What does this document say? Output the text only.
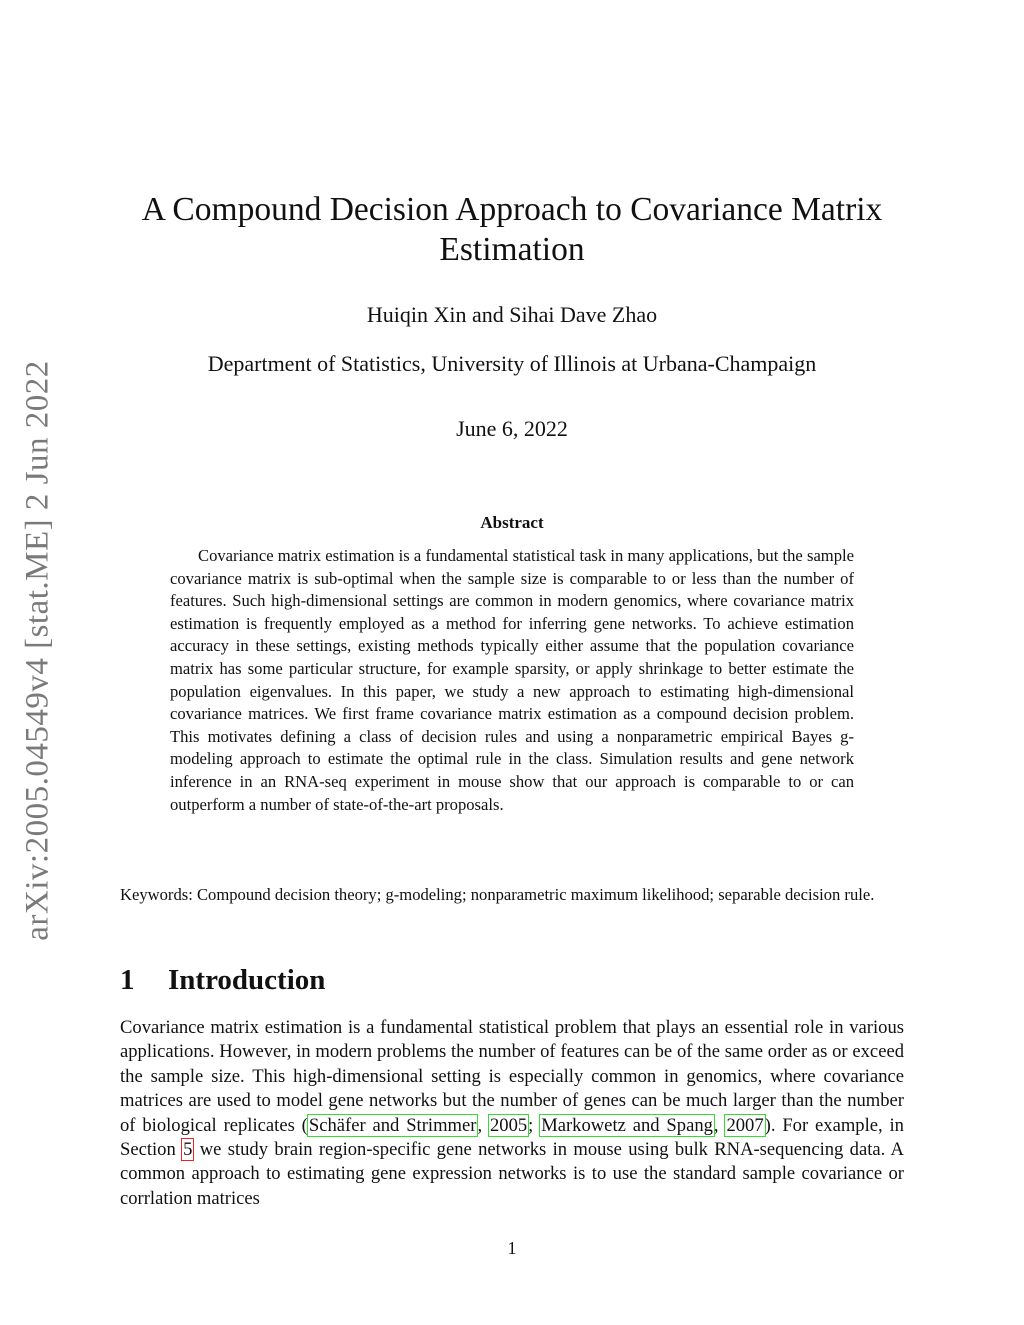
arXiv:2005.04549v4 [stat.ME] 2 Jun 2022
A Compound Decision Approach to Covariance Matrix Estimation

Huiqin Xin and Sihai Dave Zhao

Department of Statistics, University of Illinois at Urbana-Champaign

June 6, 2022

Abstract

Covariance matrix estimation is a fundamental statistical task in many applications, but the sample covariance matrix is sub-optimal when the sample size is comparable to or less than the number of features. Such high-dimensional settings are common in modern genomics, where covariance matrix estimation is frequently employed as a method for inferring gene networks. To achieve estimation accuracy in these settings, existing methods typically either assume that the population covariance matrix has some particular structure, for example sparsity, or apply shrinkage to better estimate the population eigenvalues. In this paper, we study a new approach to estimating high-dimensional covariance matrices. We first frame covariance matrix estimation as a compound decision problem. This motivates defining a class of decision rules and using a nonparametric empirical Bayes g-modeling approach to estimate the optimal rule in the class. Simulation results and gene network inference in an RNA-seq experiment in mouse show that our approach is comparable to or can outperform a number of state-of-the-art proposals.

Keywords: Compound decision theory; g-modeling; nonparametric maximum likelihood; separable decision rule.

1 Introduction

Covariance matrix estimation is a fundamental statistical problem that plays an essential role in various applications. However, in modern problems the number of features can be of the same order as or exceed the sample size. This high-dimensional setting is especially common in genomics, where covariance matrices are used to model gene networks but the number of genes can be much larger than the number of biological replicates (Schäfer and Strimmer, 2005; Markowetz and Spang, 2007). For example, in Section 5 we study brain region-specific gene networks in mouse using bulk RNA-sequencing data. A common approach to estimating gene expression networks is to use the standard sample covariance or corrlation matrices

1
